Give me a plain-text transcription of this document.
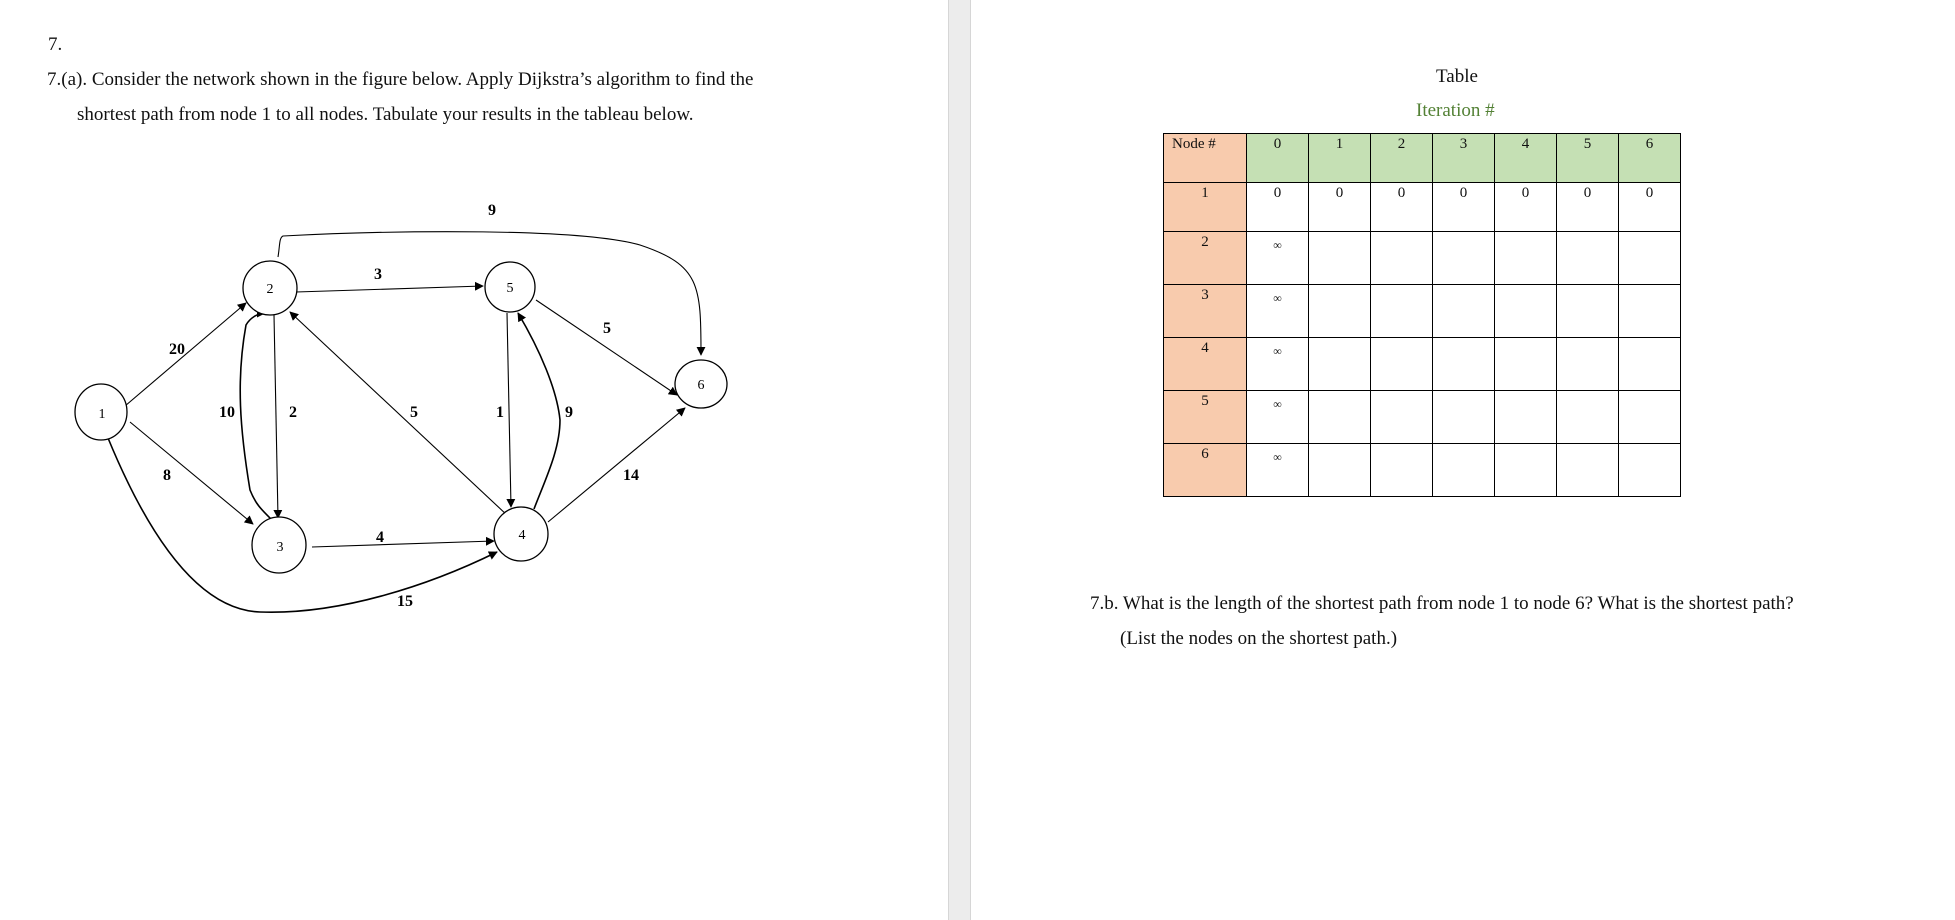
7.
7.(a). Consider the network shown in the figure below. Apply Dijkstra’s algorithm to find the
shortest path from node 1 to all nodes. Tabulate your results in the tableau below.
1
2
3
4
5
6
20
8
15
3
2
10
9
5	1	9
5
14
4
Table
Iteration #
Node #	0	1	2	3	4	5	6
1	0	0	0	0	0	0	0
2	∞						
3	∞						
4	∞						
5	∞						
6	∞						
7.b. What is the length of the shortest path from node 1 to node 6? What is the shortest path?
(List the nodes on the shortest path.)
